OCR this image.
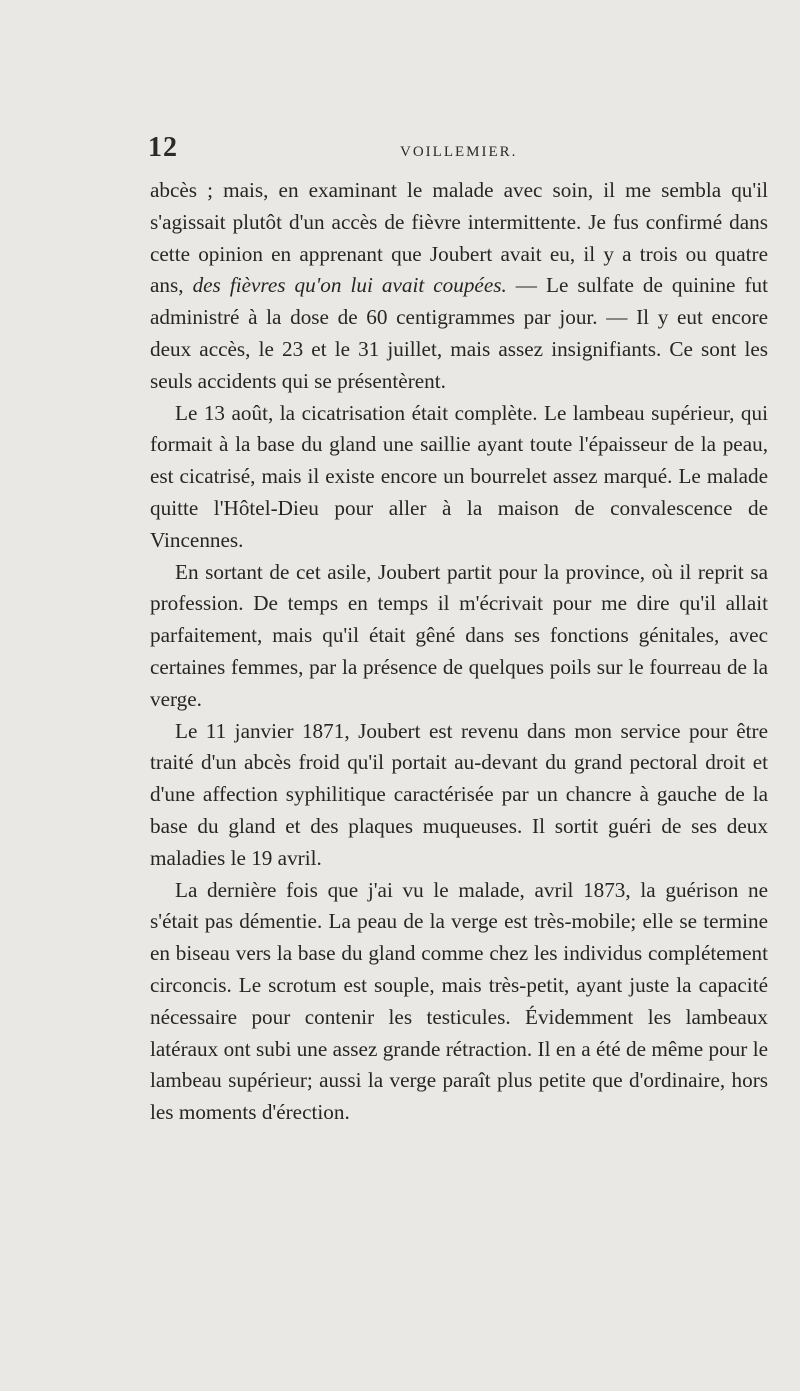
12	VOILLEMIER.

abcès ; mais, en examinant le malade avec soin, il me sembla qu'il s'agissait plutôt d'un accès de fièvre intermittente. Je fus confirmé dans cette opinion en apprenant que Joubert avait eu, il y a trois ou quatre ans, des fièvres qu'on lui avait coupées. — Le sulfate de quinine fut administré à la dose de 60 centigrammes par jour. — Il y eut encore deux accès, le 23 et le 31 juillet, mais assez insignifiants. Ce sont les seuls accidents qui se présentèrent.

Le 13 août, la cicatrisation était complète. Le lambeau supérieur, qui formait à la base du gland une saillie ayant toute l'épaisseur de la peau, est cicatrisé, mais il existe encore un bourrelet assez marqué. Le malade quitte l'Hôtel-Dieu pour aller à la maison de convalescence de Vincennes.

En sortant de cet asile, Joubert partit pour la province, où il reprit sa profession. De temps en temps il m'écrivait pour me dire qu'il allait parfaitement, mais qu'il était gêné dans ses fonctions génitales, avec certaines femmes, par la présence de quelques poils sur le fourreau de la verge.

Le 11 janvier 1871, Joubert est revenu dans mon service pour être traité d'un abcès froid qu'il portait au-devant du grand pectoral droit et d'une affection syphilitique caractérisée par un chancre à gauche de la base du gland et des plaques muqueuses. Il sortit guéri de ses deux maladies le 19 avril.

La dernière fois que j'ai vu le malade, avril 1873, la guérison ne s'était pas démentie. La peau de la verge est très-mobile; elle se termine en biseau vers la base du gland comme chez les individus complétement circoncis. Le scrotum est souple, mais très-petit, ayant juste la capacité nécessaire pour contenir les testicules. Évidemment les lambeaux latéraux ont subi une assez grande rétraction. Il en a été de même pour le lambeau supérieur; aussi la verge paraît plus petite que d'ordinaire, hors les moments d'érection.
